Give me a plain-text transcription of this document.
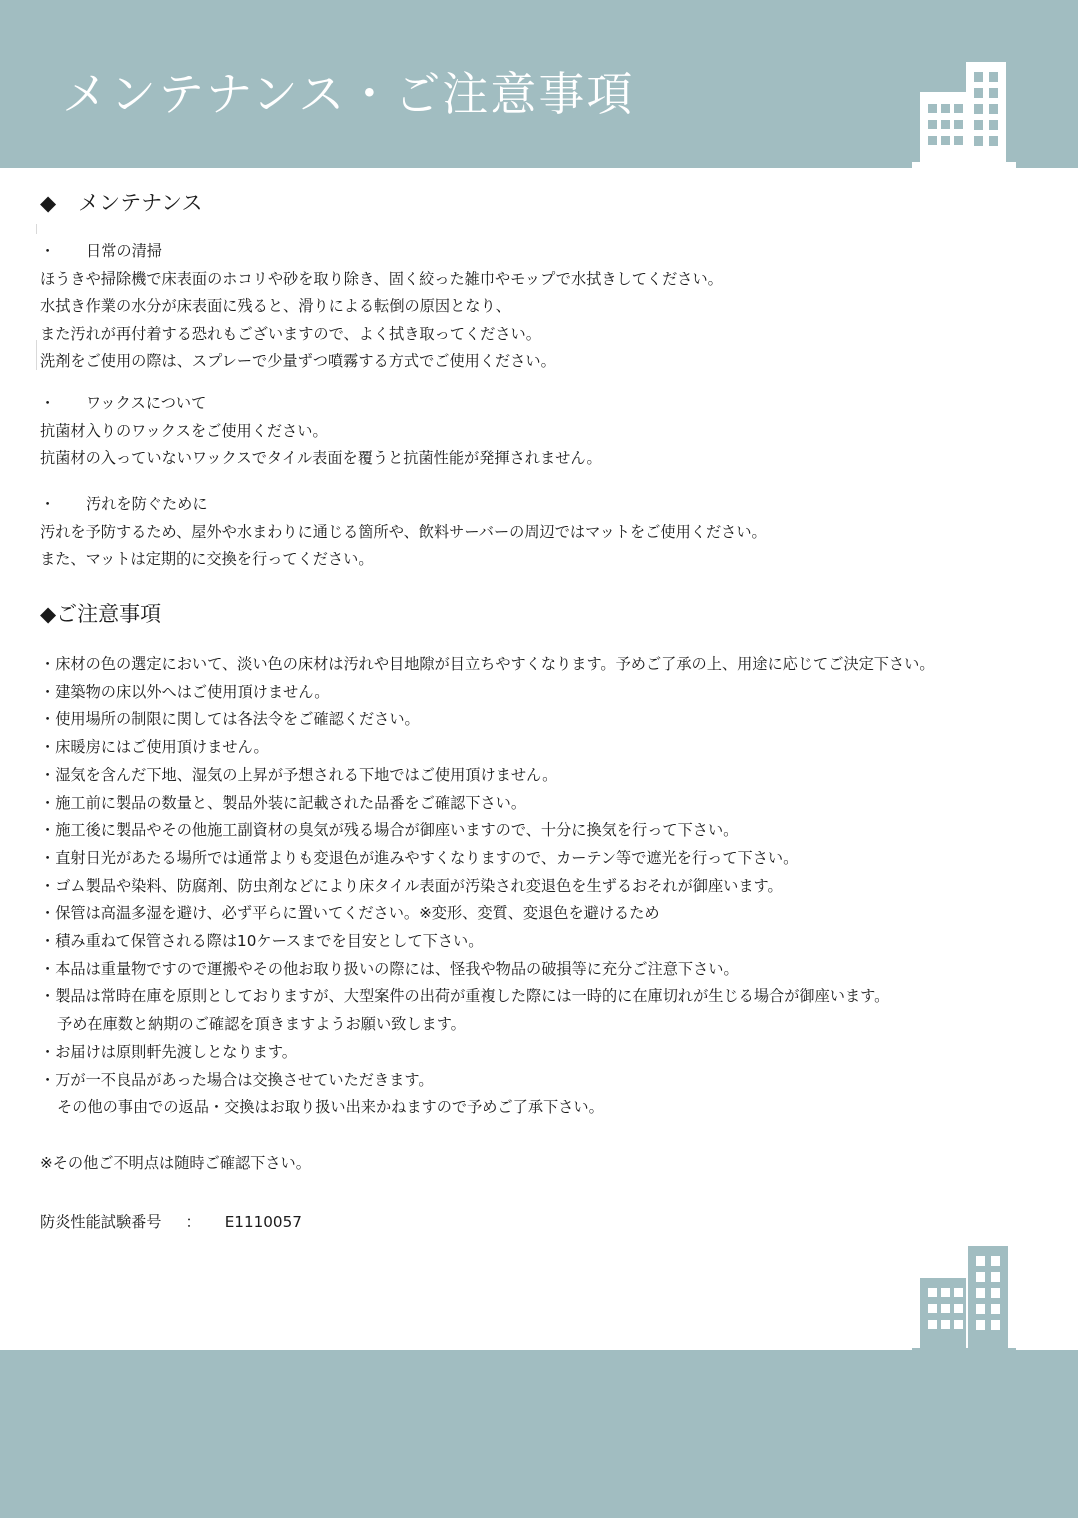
メンテナンス・ご注意事項
◆ メンテナンス

・ 日常の清掃

ほうきや掃除機で床表面のホコリや砂を取り除き、固く絞った雑巾やモップで水拭きしてください。

水拭き作業の水分が床表面に残ると、滑りによる転倒の原因となり、

また汚れが再付着する恐れもございますので、よく拭き取ってください。

洗剤をご使用の際は、スプレーで少量ずつ噴霧する方式でご使用ください。

・ ワックスについて

抗菌材入りのワックスをご使用ください。

抗菌材の入っていないワックスでタイル表面を覆うと抗菌性能が発揮されません。

・ 汚れを防ぐために

汚れを予防するため、屋外や水まわりに通じる箇所や、飲料サーバーの周辺ではマットをご使用ください。

また、マットは定期的に交換を行ってください。

◆ご注意事項
・床材の色の選定において、淡い色の床材は汚れや目地隙が目立ちやすくなります。予めご了承の上、用途に応じてご決定下さい。
・建築物の床以外へはご使用頂けません。
・使用場所の制限に関しては各法令をご確認ください。
・床暖房にはご使用頂けません。
・湿気を含んだ下地、湿気の上昇が予想される下地ではご使用頂けません。
・施工前に製品の数量と、製品外装に記載された品番をご確認下さい。
・施工後に製品やその他施工副資材の臭気が残る場合が御座いますので、十分に換気を行って下さい。
・直射日光があたる場所では通常よりも変退色が進みやすくなりますので、カーテン等で遮光を行って下さい。
・ゴム製品や染料、防腐剤、防虫剤などにより床タイル表面が汚染され変退色を生ずるおそれが御座います。
・保管は高温多湿を避け、必ず平らに置いてください。※変形、変質、変退色を避けるため
・積み重ねて保管される際は10ケースまでを目安として下さい。
・本品は重量物ですので運搬やその他お取り扱いの際には、怪我や物品の破損等に充分ご注意下さい。
・製品は常時在庫を原則としておりますが、大型案件の出荷が重複した際には一時的に在庫切れが生じる場合が御座います。
予め在庫数と納期のご確認を頂きますようお願い致します。
・お届けは原則軒先渡しとなります。
・万が一不良品があった場合は交換させていただきます。
その他の事由での返品・交換はお取り扱い出来かねますので予めご了承下さい。

※その他ご不明点は随時ご確認下さい。

防炎性能試験番号 ： E1110057
